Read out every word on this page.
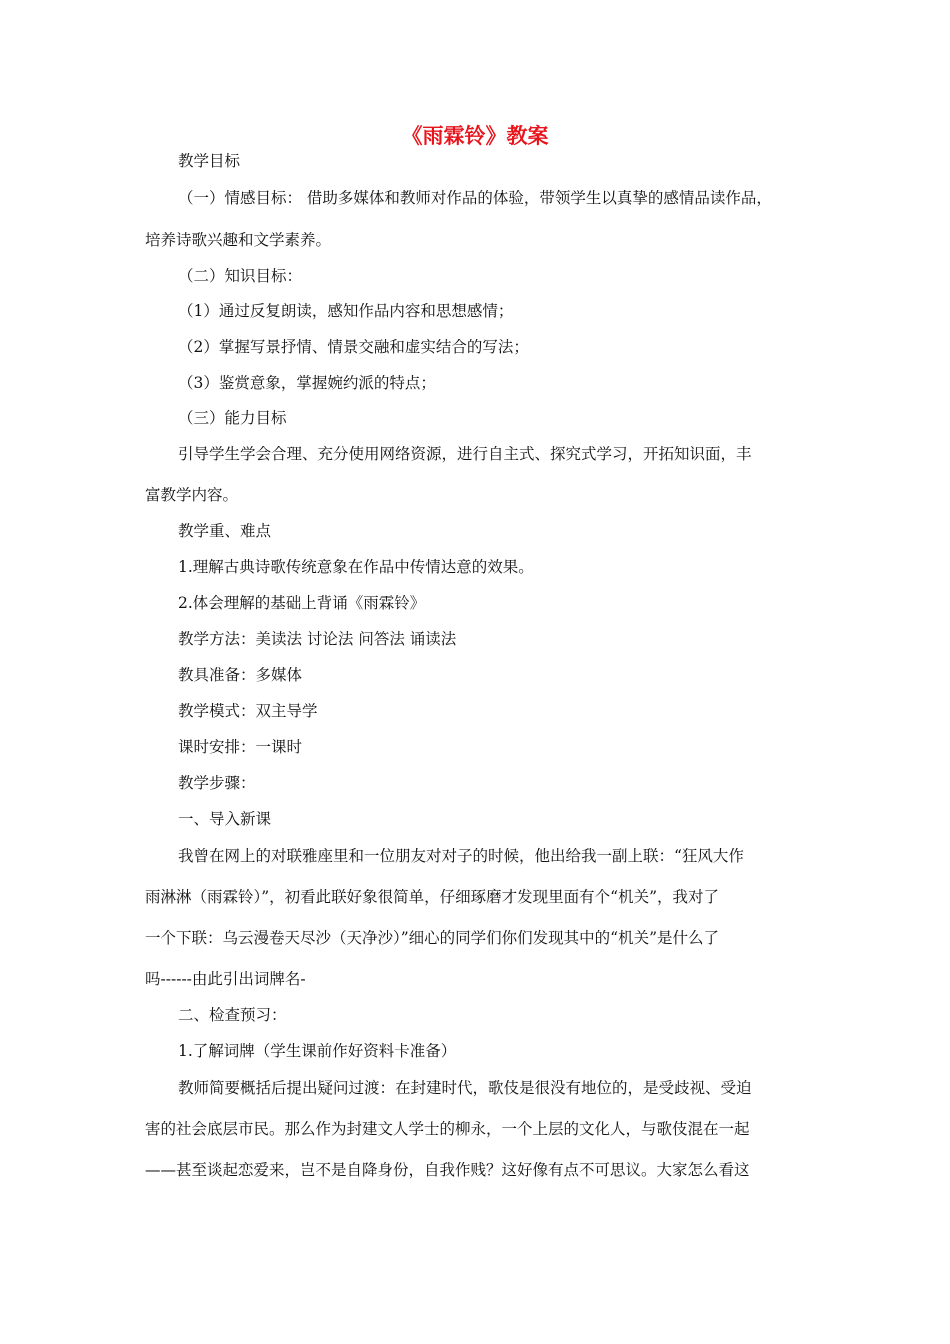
《雨霖铃》教案
教学目标
（一）情感目标： 借助多媒体和教师对作品的体验，带领学生以真挚的感情品读作品，
培养诗歌兴趣和文学素养。
（二）知识目标：
（1）通过反复朗读，感知作品内容和思想感情；
（2）掌握写景抒情、情景交融和虚实结合的写法；
（3）鉴赏意象，掌握婉约派的特点；
（三）能力目标
引导学生学会合理、充分使用网络资源，进行自主式、探究式学习，开拓知识面，丰
富教学内容。
教学重、难点
1.理解古典诗歌传统意象在作品中传情达意的效果。
2.体会理解的基础上背诵《雨霖铃》
教学方法：美读法 讨论法 问答法 诵读法
教具准备：多媒体
教学模式：双主导学
课时安排：一课时
教学步骤：
一、导入新课
我曾在网上的对联雅座里和一位朋友对对子的时候，他出给我一副上联：“狂风大作
雨淋淋（雨霖铃）”，初看此联好象很简单，仔细琢磨才发现里面有个“机关”，我对了
一个下联：乌云漫卷天尽沙（天净沙）”细心的同学们你们发现其中的“机关”是什么了
吗------由此引出词牌名-
二、检查预习：
1.了解词牌（学生课前作好资料卡准备）
教师简要概括后提出疑问过渡：在封建时代，歌伎是很没有地位的，是受歧视、受迫
害的社会底层市民。那么作为封建文人学士的柳永，一个上层的文化人，与歌伎混在一起
——甚至谈起恋爱来，岂不是自降身份，自我作贱？这好像有点不可思议。大家怎么看这
